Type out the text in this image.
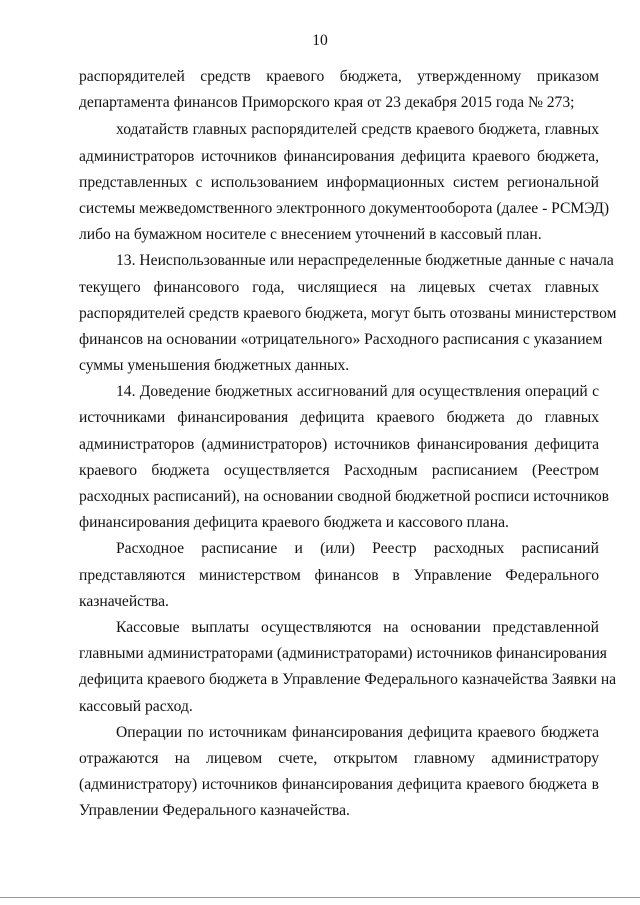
10
распорядителей средств краевого бюджета, утвержденному приказом
департамента финансов Приморского края от 23 декабря 2015 года № 273;
ходатайств главных распорядителей средств краевого бюджета, главных
администраторов источников финансирования дефицита краевого бюджета,
представленных с использованием информационных систем региональной
системы межведомственного электронного документооборота (далее - РСМЭД)
либо на бумажном носителе с внесением уточнений в кассовый план.
13. Неиспользованные или нераспределенные бюджетные данные с начала
текущего финансового года, числящиеся на лицевых счетах главных
распорядителей средств краевого бюджета, могут быть отозваны министерством
финансов на основании «отрицательного» Расходного расписания с указанием
суммы уменьшения бюджетных данных.
14. Доведение бюджетных ассигнований для осуществления операций с
источниками финансирования дефицита краевого бюджета до главных
администраторов (администраторов) источников финансирования дефицита
краевого бюджета осуществляется Расходным расписанием (Реестром
расходных расписаний), на основании сводной бюджетной росписи источников
финансирования дефицита краевого бюджета и кассового плана.
Расходное расписание и (или) Реестр расходных расписаний
представляются министерством финансов в Управление Федерального
казначейства.
Кассовые выплаты осуществляются на основании представленной
главными администраторами (администраторами) источников финансирования
дефицита краевого бюджета в Управление Федерального казначейства Заявки на
кассовый расход.
Операции по источникам финансирования дефицита краевого бюджета
отражаются на лицевом счете, открытом главному администратору
(администратору) источников финансирования дефицита краевого бюджета в
Управлении Федерального казначейства.
